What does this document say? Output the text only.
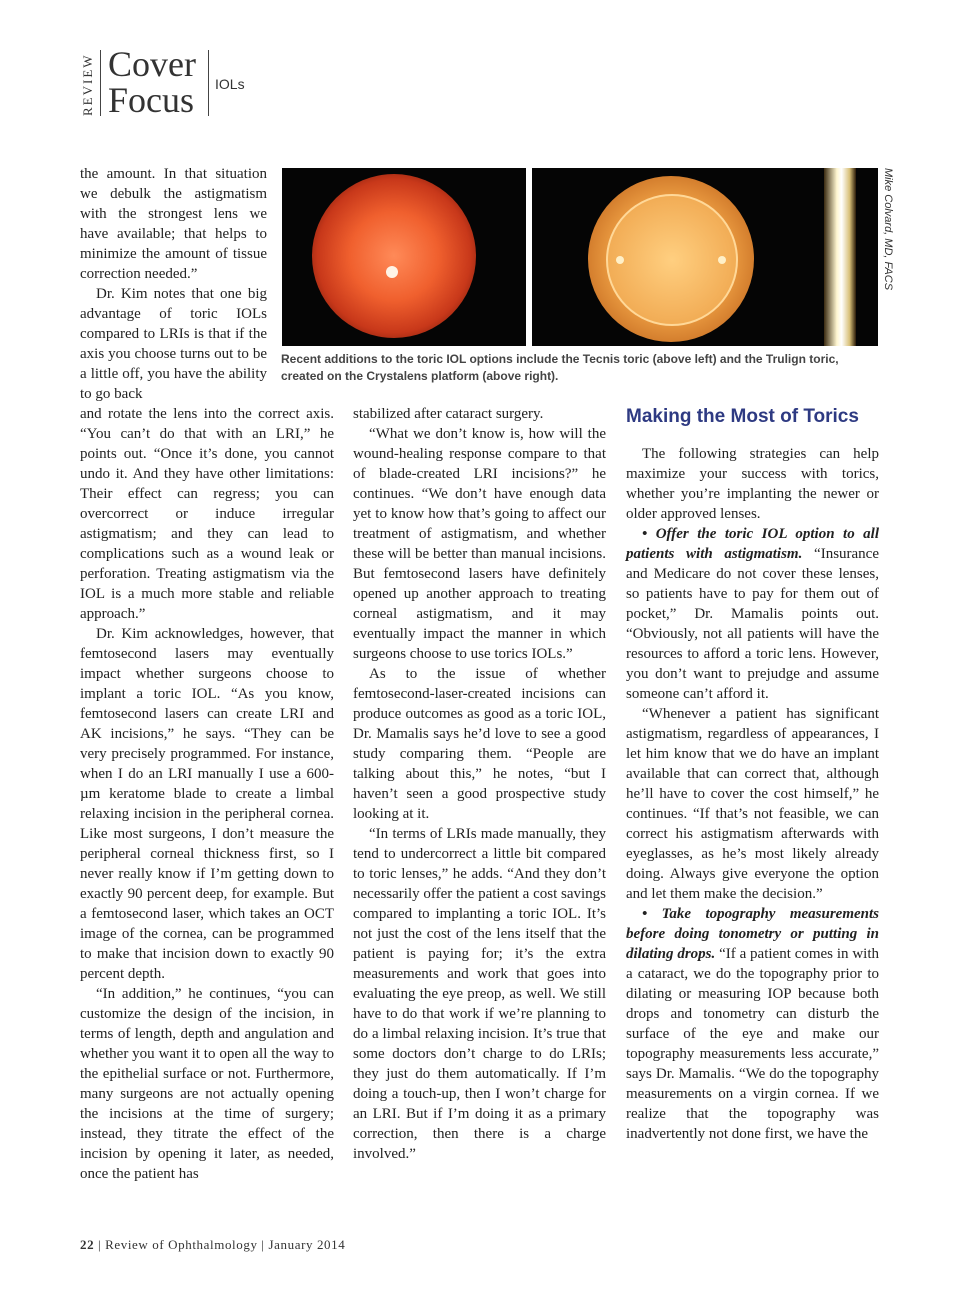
REVIEW Cover
Focus IOLs
Mike Colvard, MD, FACS
Recent additions to the toric IOL options include the Tecnis toric (above left) and the Trulign toric, created on the Crystalens platform (above right).

the amount. In that situation we debulk the astigmatism with the strongest lens we have available; that helps to minimize the amount of tissue correction needed.”

Dr. Kim notes that one big advantage of toric IOLs compared to LRIs is that if the axis you choose turns out to be a little off, you have the ability to go back

and rotate the lens into the correct axis. “You can’t do that with an LRI,” he points out. “Once it’s done, you cannot undo it. And they have other limitations: Their effect can regress; you can overcorrect or induce irregular astigmatism; and they can lead to complications such as a wound leak or perforation. Treating astigmatism via the IOL is a much more stable and reliable approach.”

Dr. Kim acknowledges, however, that femtosecond lasers may eventually impact whether surgeons choose to implant a toric IOL. “As you know, femtosecond lasers can create LRI and AK incisions,” he says. “They can be very precisely programmed. For instance, when I do an LRI manually I use a 600-µm keratome blade to create a limbal relaxing incision in the peripheral cornea. Like most surgeons, I don’t measure the peripheral corneal thickness first, so I never really know if I’m getting down to exactly 90 percent deep, for example. But a femtosecond laser, which takes an OCT image of the cornea, can be programmed to make that incision down to exactly 90 percent depth.

“In addition,” he continues, “you can customize the design of the incision, in terms of length, depth and angulation and whether you want it to open all the way to the epithelial surface or not. Furthermore, many surgeons are not actually opening the incisions at the time of surgery; instead, they titrate the effect of the incision by opening it later, as needed, once the patient has

stabilized after cataract surgery.

“What we don’t know is, how will the wound-healing response compare to that of blade-created LRI incisions?” he continues. “We don’t have enough data yet to know how that’s going to affect our treatment of astigmatism, and whether these will be better than manual incisions. But femtosecond lasers have definitely opened up another approach to treating corneal astigmatism, and it may eventually impact the manner in which surgeons choose to use torics IOLs.”

As to the issue of whether femtosecond-laser-created incisions can produce outcomes as good as a toric IOL, Dr. Mamalis says he’d love to see a good study comparing them. “People are talking about this,” he notes, “but I haven’t seen a good prospective study looking at it.

“In terms of LRIs made manually, they tend to undercorrect a little bit compared to toric lenses,” he adds. “And they don’t necessarily offer the patient a cost savings compared to implanting a toric IOL. It’s not just the cost of the lens itself that the patient is paying for; it’s the extra measurements and work that goes into evaluating the eye preop, as well. We still have to do that work if we’re planning to do a limbal relaxing incision. It’s true that some doctors don’t charge to do LRIs; they just do them automatically. If I’m doing a touch-up, then I won’t charge for an LRI. But if I’m doing it as a primary correction, then there is a charge involved.”

Making the Most of Torics

The following strategies can help maximize your success with torics, whether you’re implanting the newer or older approved lenses.

• Offer the toric IOL option to all patients with astigmatism. “Insurance and Medicare do not cover these lenses, so patients have to pay for them out of pocket,” Dr. Mamalis points out. “Obviously, not all patients will have the resources to afford a toric lens. However, you don’t want to prejudge and assume someone can’t afford it.

“Whenever a patient has significant astigmatism, regardless of appearances, I let him know that we do have an implant available that can correct that, although he’ll have to cover the cost himself,” he continues. “If that’s not feasible, we can correct his astigmatism afterwards with eyeglasses, as he’s most likely already doing. Always give everyone the option and let them make the decision.”

• Take topography measurements before doing tonometry or putting in dilating drops. “If a patient comes in with a cataract, we do the topography prior to dilating or measuring IOP because both drops and tonometry can disturb the surface of the eye and make our topography measurements less accurate,” says Dr. Mamalis. “We do the topography measurements on a virgin cornea. If we realize that the topography was inadvertently not done first, we have the

22 | Review of Ophthalmology | January 2014
